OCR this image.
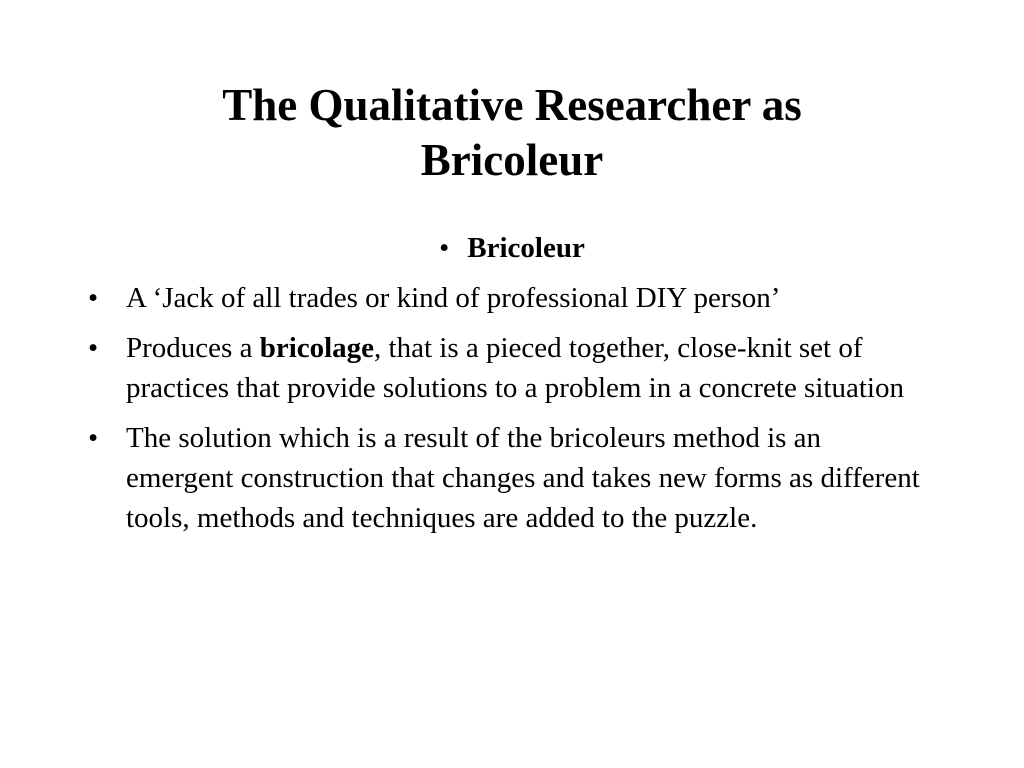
The Qualitative Researcher as
Bricoleur
• Bricoleur
• A ‘Jack of all trades or kind of professional DIY person’
• Produces a bricolage, that is a pieced together, close-knit set of practices that provide solutions to a problem in a concrete situation
• The solution which is a result of the bricoleurs method is an emergent construction that changes and takes new forms as different tools, methods and techniques are added to the puzzle.
